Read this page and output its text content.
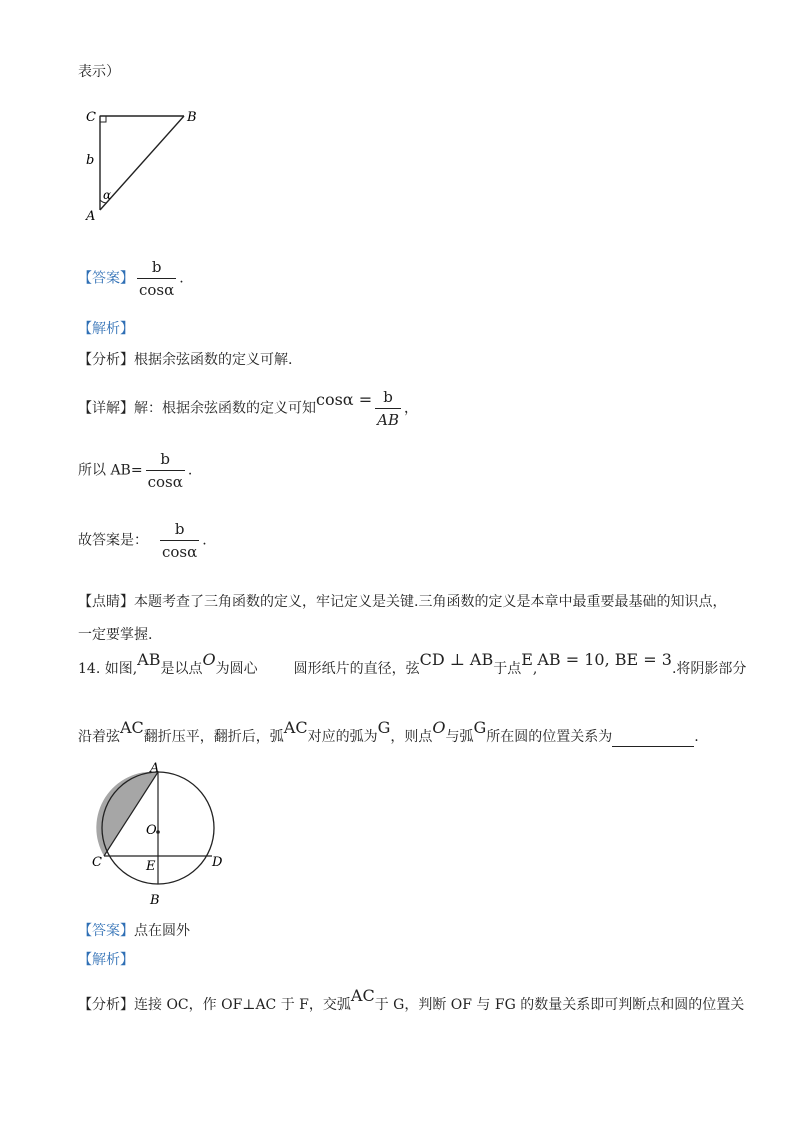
表示）
C	B
b
α
A
【答案】 $\frac{b}{\cos\alpha}$ .
【解析】
【分析】根据余弦函数的定义可解.
【详解】解：根据余弦函数的定义可知$\cos\alpha = \frac{b}{AB}$ ，
所以 $AB= \frac{b}{\cos\alpha}$ .
故答案是： $\frac{b}{\cos\alpha}$ .
【点睛】本题考查了三角函数的定义，牢记定义是关键.三角函数的定义是本章中最重要最基础的知识点，
一定要掌握.
14. 如图,AB是以点O为圆心	圆形纸片的直径，弦CD ⊥ AB于点E,AB = 10, BE = 3.将阴影部分
沿着弦AC翻折压平，翻折后，弧AC对应的弧为G，则点O与弧G所在圆的位置关系为	.
A
O
C	E	D
B
【答案】点在圆外
【解析】
【分析】连接 OC，作 OF⊥AC 于 F，交弧AC于 G，判断 OF 与 FG 的数量关系即可判断点和圆的位置关
